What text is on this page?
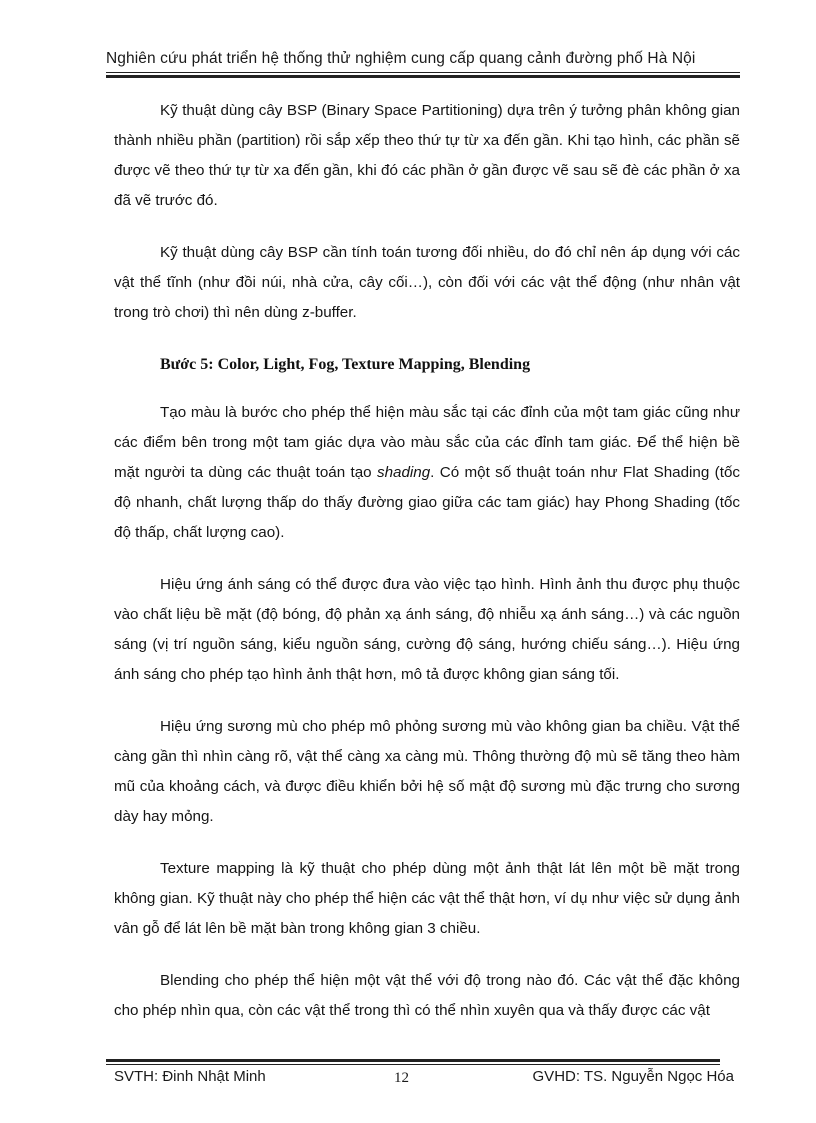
Nghiên cứu phát triển hệ thống thử nghiệm cung cấp quang cảnh đường phố Hà Nội

Kỹ thuật dùng cây BSP (Binary Space Partitioning) dựa trên ý tưởng phân không gian thành nhiều phần (partition) rồi sắp xếp theo thứ tự từ xa đến gần. Khi tạo hình, các phần sẽ được vẽ theo thứ tự từ xa đến gần, khi đó các phần ở gần được vẽ sau sẽ đè các phần ở xa đã vẽ trước đó.

Kỹ thuật dùng cây BSP cần tính toán tương đối nhiều, do đó chỉ nên áp dụng với các vật thể tĩnh (như đồi núi, nhà cửa, cây cối…), còn đối với các vật thể động (như nhân vật trong trò chơi) thì nên dùng z-buffer.

Bước 5: Color, Light, Fog, Texture Mapping, Blending

Tạo màu là bước cho phép thể hiện màu sắc tại các đỉnh của một tam giác cũng như các điểm bên trong một tam giác dựa vào màu sắc của các đỉnh tam giác. Để thể hiện bề mặt người ta dùng các thuật toán tạo shading. Có một số thuật toán như Flat Shading (tốc độ nhanh, chất lượng thấp do thấy đường giao giữa các tam giác) hay Phong Shading (tốc độ thấp, chất lượng cao).

Hiệu ứng ánh sáng có thể được đưa vào việc tạo hình. Hình ảnh thu được phụ thuộc vào chất liệu bề mặt (độ bóng, độ phản xạ ánh sáng, độ nhiễu xạ ánh sáng…) và các nguồn sáng (vị trí nguồn sáng, kiểu nguồn sáng, cường độ sáng, hướng chiếu sáng…). Hiệu ứng ánh sáng cho phép tạo hình ảnh thật hơn, mô tả được không gian sáng tối.

Hiệu ứng sương mù cho phép mô phỏng sương mù vào không gian ba chiều. Vật thể càng gần thì nhìn càng rõ, vật thể càng xa càng mù. Thông thường độ mù sẽ tăng theo hàm mũ của khoảng cách, và được điều khiển bởi hệ số mật độ sương mù đặc trưng cho sương dày hay mỏng.

Texture mapping là kỹ thuật cho phép dùng một ảnh thật lát lên một bề mặt trong không gian. Kỹ thuật này cho phép thể hiện các vật thể thật hơn, ví dụ như việc sử dụng ảnh vân gỗ để lát lên bề mặt bàn trong không gian 3 chiều.

Blending cho phép thể hiện một vật thể với độ trong nào đó. Các vật thể đặc không cho phép nhìn qua, còn các vật thể trong thì có thể nhìn xuyên qua và thấy được các vật

SVTH: Đinh Nhật Minh	12	GVHD: TS. Nguyễn Ngọc Hóa
